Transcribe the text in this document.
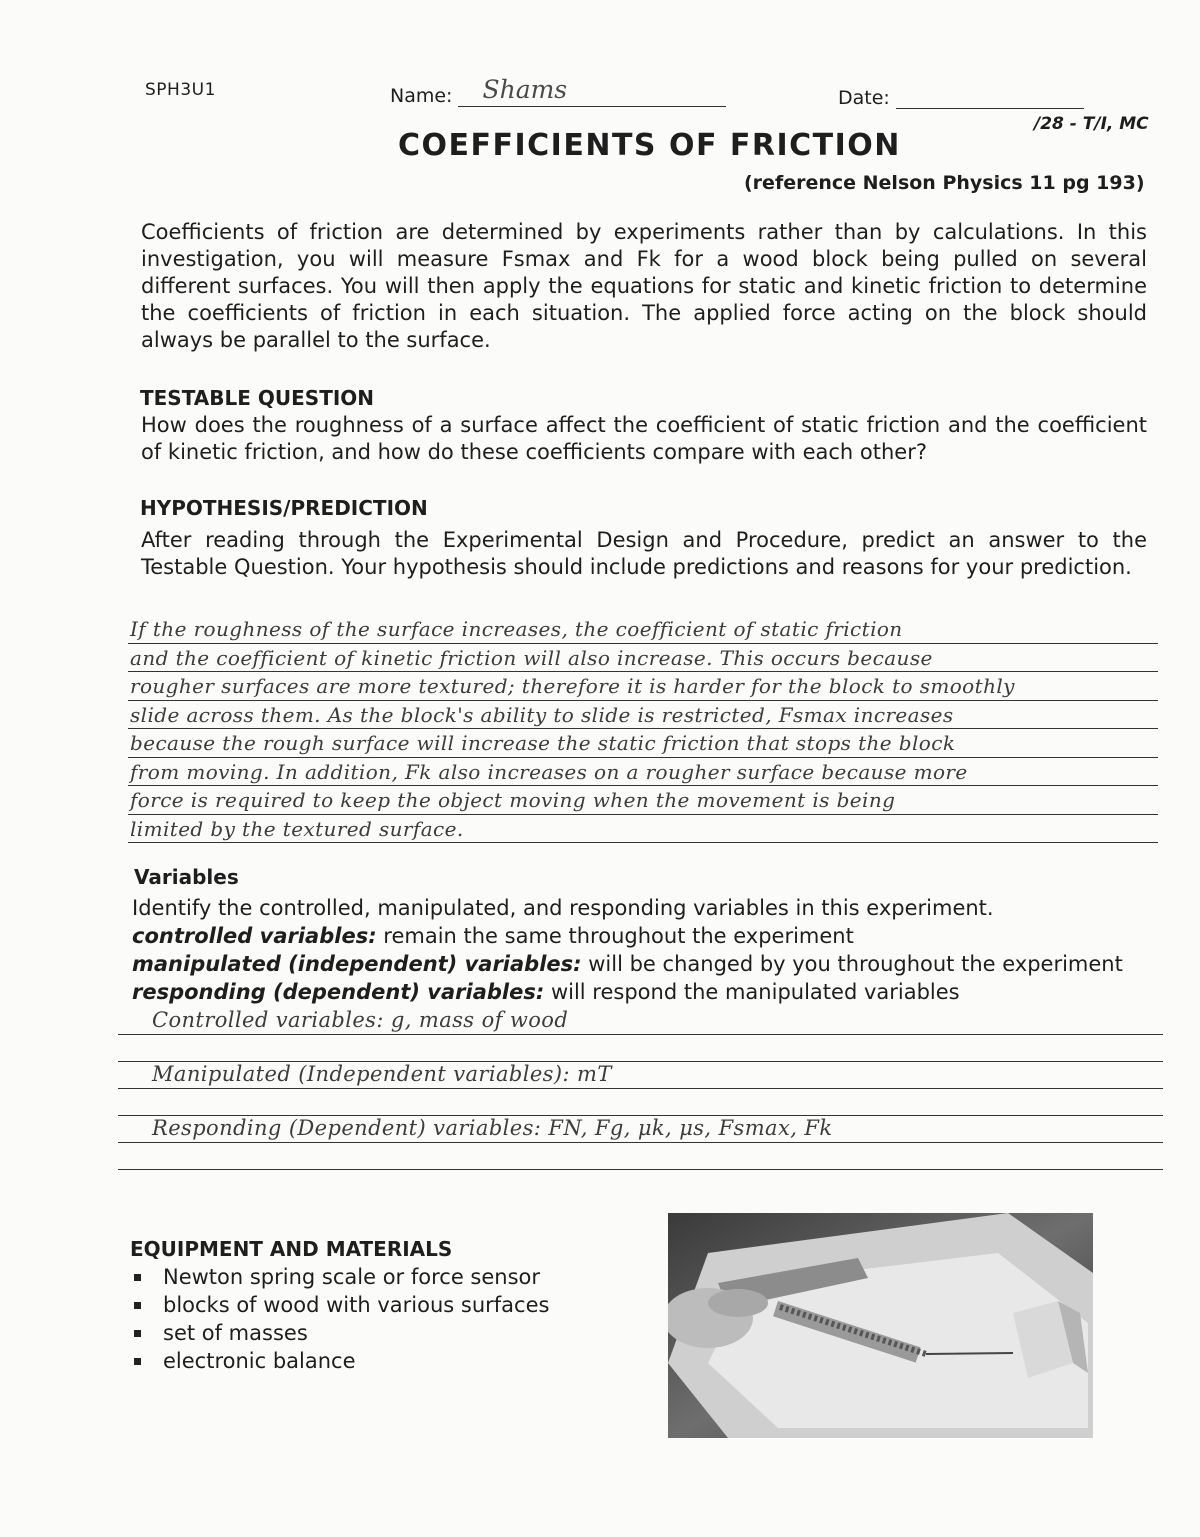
SPH3U1	Name: Shams	Date:
/28 - T/I, MC
COEFFICIENTS OF FRICTION
(reference Nelson Physics 11 pg 193)
Coefficients of friction are determined by experiments rather than by calculations. In this investigation, you will measure Fsmax and Fk for a wood block being pulled on several different surfaces. You will then apply the equations for static and kinetic friction to determine the coefficients of friction in each situation. The applied force acting on the block should always be parallel to the surface.
TESTABLE QUESTION
How does the roughness of a surface affect the coefficient of static friction and the coefficient of kinetic friction, and how do these coefficients compare with each other?
HYPOTHESIS/PREDICTION
After reading through the Experimental Design and Procedure, predict an answer to the Testable Question. Your hypothesis should include predictions and reasons for your prediction.
If the roughness of the surface increases, the coefficient of static friction
and the coefficient of kinetic friction will also increase. This occurs because
rougher surfaces are more textured; therefore it is harder for the block to smoothly
slide across them. As the block's ability to slide is restricted, Fsmax increases
because the rough surface will increase the static friction that stops the block
from moving. In addition, Fk also increases on a rougher surface because more
force is required to keep the object moving when the movement is being
limited by the textured surface.
Variables
Identify the controlled, manipulated, and responding variables in this experiment.
controlled variables: remain the same throughout the experiment
manipulated (independent) variables: will be changed by you throughout the experiment
responding (dependent) variables: will respond the manipulated variables
Controlled variables: g, mass of wood
Manipulated (Independent variables): mT
Responding (Dependent) variables: FN, Fg, μk, μs, Fsmax, Fk
EQUIPMENT AND MATERIALS
Newton spring scale or force sensor
blocks of wood with various surfaces
set of masses
electronic balance
